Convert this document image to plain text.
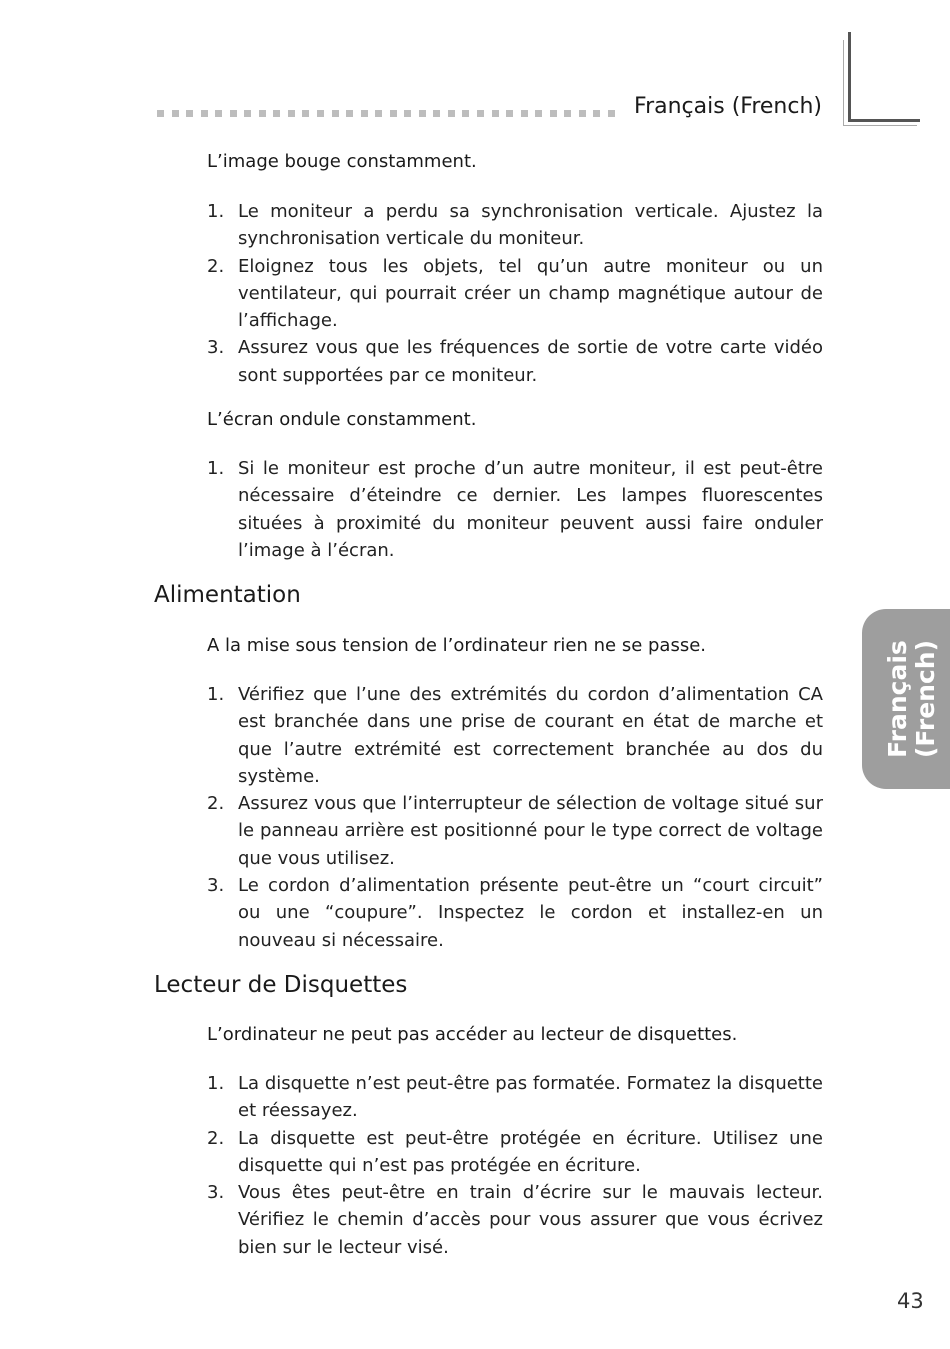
Français (French)
Français (French)
L’image bouge constamment.
1. Le moniteur a perdu sa synchronisation verticale. Ajustez la synchronisation verticale du moniteur.
2. Eloignez tous les objets, tel qu’un autre moniteur ou un ventilateur, qui pourrait créer un champ magnétique autour de l’affichage.
3. Assurez vous que les fréquences de sortie de votre carte vidéo sont supportées par ce moniteur.
L’écran ondule constamment.
1. Si le moniteur est proche d’un autre moniteur, il est peut-être nécessaire d’éteindre ce dernier. Les lampes fluorescentes situées à proximité du moniteur peuvent aussi faire onduler l’image à l’écran.
Alimentation
A la mise sous tension de l’ordinateur rien ne se passe.
1. Vérifiez que l’une des extrémités du cordon d’alimentation CA est branchée dans une prise de courant en état de marche et que l’autre extrémité est correctement branchée au dos du système.
2. Assurez vous que l’interrupteur de sélection de voltage situé sur le panneau arrière est positionné pour le type correct de voltage que vous utilisez.
3. Le cordon d’alimentation présente peut-être un “court circuit” ou une “coupure”. Inspectez le cordon et installez-en un nouveau si nécessaire.
Lecteur de Disquettes
L’ordinateur ne peut pas accéder au lecteur de disquettes.
1. La disquette n’est peut-être pas formatée. Formatez la disquette et réessayez.
2. La disquette est peut-être protégée en écriture. Utilisez une disquette qui n’est pas protégée en écriture.
3. Vous êtes peut-être en train d’écrire sur le mauvais lecteur. Vérifiez le chemin d’accès pour vous assurer que vous écrivez bien sur le lecteur visé.
43
